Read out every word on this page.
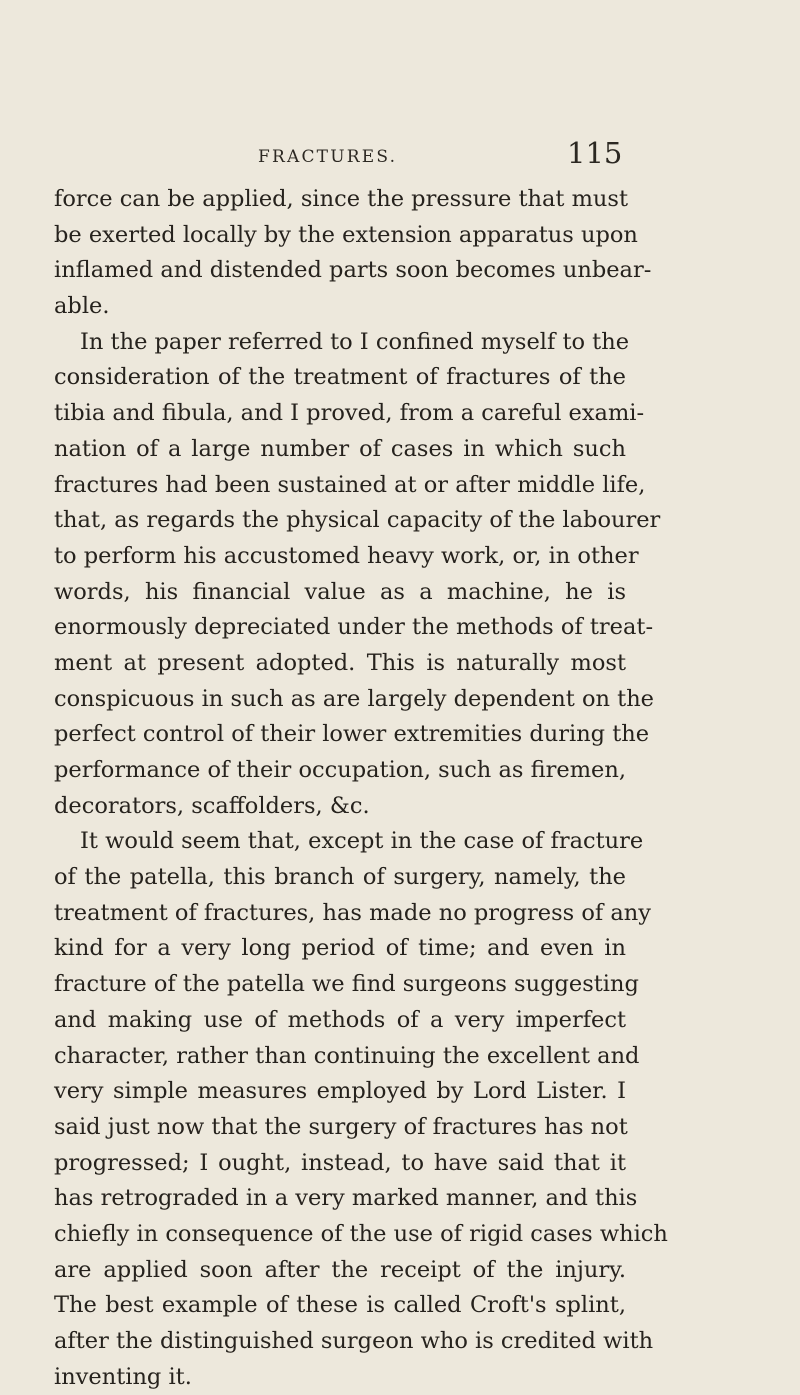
FRACTURES.	115
force can be applied, since the pressure that must
be exerted locally by the extension apparatus upon
inflamed and distended parts soon becomes unbear-
able.
In the paper referred to I confined myself to the
consideration of the treatment of fractures of the
tibia and fibula, and I proved, from a careful exami-
nation of a large number of cases in which such
fractures had been sustained at or after middle life,
that, as regards the physical capacity of the labourer
to perform his accustomed heavy work, or, in other
words, his financial value as a machine, he is
enormously depreciated under the methods of treat-
ment at present adopted. This is naturally most
conspicuous in such as are largely dependent on the
perfect control of their lower extremities during the
performance of their occupation, such as firemen,
decorators, scaffolders, &c.
It would seem that, except in the case of fracture
of the patella, this branch of surgery, namely, the
treatment of fractures, has made no progress of any
kind for a very long period of time; and even in
fracture of the patella we find surgeons suggesting
and making use of methods of a very imperfect
character, rather than continuing the excellent and
very simple measures employed by Lord Lister. I
said just now that the surgery of fractures has not
progressed; I ought, instead, to have said that it
has retrograded in a very marked manner, and this
chiefly in consequence of the use of rigid cases which
are applied soon after the receipt of the injury.
The best example of these is called Croft's splint,
after the distinguished surgeon who is credited with
inventing it.
